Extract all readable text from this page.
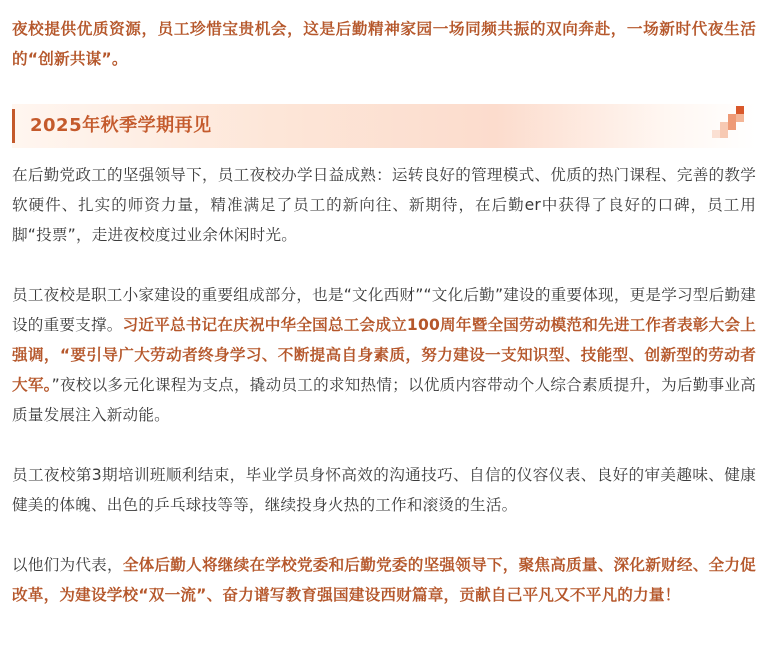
夜校提供优质资源，员工珍惜宝贵机会，这是后勤精神家园一场同频共振的双向奔赴，一场新时代夜生活的“创新共谋”。

2025年秋季学期再见

在后勤党政工的坚强领导下，员工夜校办学日益成熟：运转良好的管理模式、优质的热门课程、完善的教学软硬件、扎实的师资力量，精准满足了员工的新向往、新期待，在后勤er中获得了良好的口碑，员工用脚“投票”，走进夜校度过业余休闲时光。

员工夜校是职工小家建设的重要组成部分，也是“文化西财”“文化后勤”建设的重要体现，更是学习型后勤建设的重要支撑。习近平总书记在庆祝中华全国总工会成立100周年暨全国劳动模范和先进工作者表彰大会上强调，“要引导广大劳动者终身学习、不断提高自身素质，努力建设一支知识型、技能型、创新型的劳动者大军。”夜校以多元化课程为支点，撬动员工的求知热情；以优质内容带动个人综合素质提升，为后勤事业高质量发展注入新动能。

员工夜校第3期培训班顺利结束，毕业学员身怀高效的沟通技巧、自信的仪容仪表、良好的审美趣味、健康健美的体魄、出色的乒乓球技等等，继续投身火热的工作和滚烫的生活。

以他们为代表，全体后勤人将继续在学校党委和后勤党委的坚强领导下，聚焦高质量、深化新财经、全力促改革，为建设学校“双一流”、奋力谱写教育强国建设西财篇章，贡献自己平凡又不平凡的力量！
